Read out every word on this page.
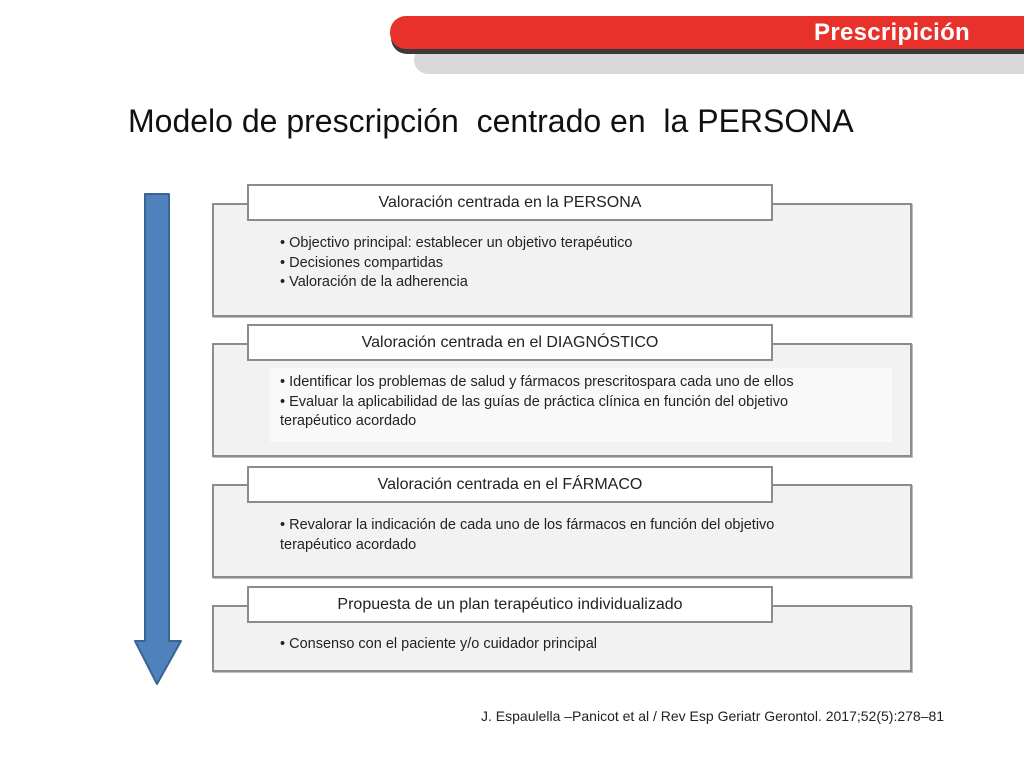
Prescripición
Modelo de prescripción  centrado en  la PERSONA
Valoración centrada en la PERSONA
• Objectivo principal: establecer un objetivo terapéutico
• Decisiones compartidas
• Valoración de la adherencia
Valoración centrada en el DIAGNÓSTICO
• Identificar los problemas de salud y fármacos prescritospara cada uno de ellos
• Evaluar la aplicabilidad de las guías de práctica clínica en función del objetivo terapéutico acordado
Valoración centrada en el FÁRMACO
• Revalorar la indicación de cada uno de los fármacos en función del objetivo terapéutico acordado
Propuesta de un plan terapéutico individualizado
• Consenso con el paciente y/o cuidador principal

J. Espaulella –Panicot et al / Rev Esp Geriatr Gerontol. 2017;52(5):278–81
